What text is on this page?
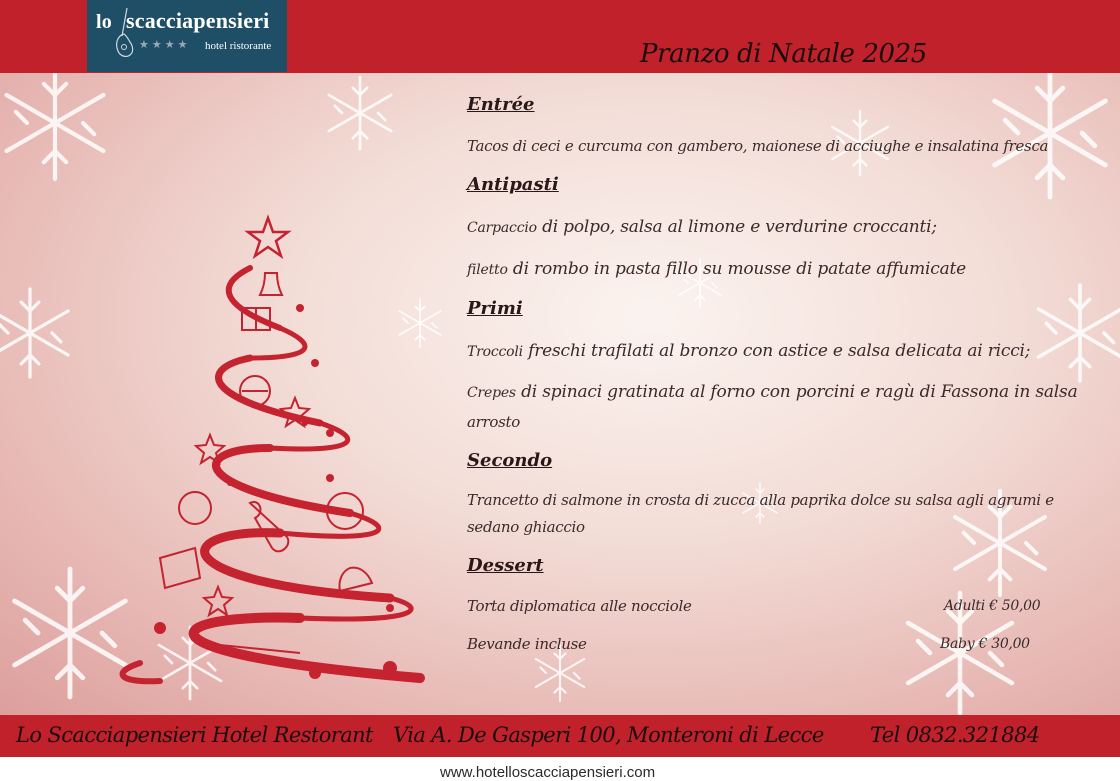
lo scacciapensieri
★★★★ hotel ristorante	Pranzo di Natale 2025
Entrée
Tacos di ceci e curcuma con gambero, maionese di acciughe e insalatina fresca
Antipasti
Carpaccio di polpo, salsa al limone e verdurine croccanti;
filetto di rombo in pasta fillo su mousse di patate affumicate
Primi
Troccoli freschi trafilati al bronzo con astice e salsa delicata ai ricci;
Crepes di spinaci gratinata al forno con porcini e ragù di Fassona in salsa
arrosto
Secondo
Trancetto di salmone in crosta di zucca alla paprika dolce su salsa agli agrumi e
sedano ghiaccio
Dessert
Torta diplomatica alle nocciole
Bevande incluse
Adulti € 50,00
Baby € 30,00
Lo Scacciapensieri Hotel Restorant Via A. De Gasperi 100, Monteroni di Lecce Tel 0832.321884
www.hotelloscacciapensieri.com
